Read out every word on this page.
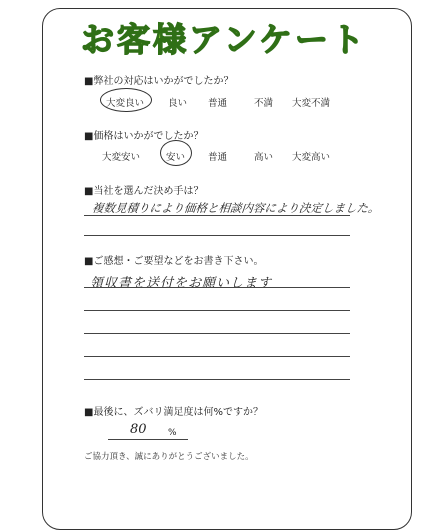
お客様アンケート
■弊社の対応はいかがでしたか？
大変良い	良い 普通	不満 大変不満
■価格はいかがでしたか？
大変安い	安い 普通	高い 大変高い
■当社を選んだ決め手は？
複数見積りにより価格と相談内容により決定しました。
■ご感想・ご要望などをお書き下さい。
領収書を送付をお願いします
■最後に、ズバリ満足度は何%ですか？
80 %
ご協力頂き、誠にありがとうございました。
